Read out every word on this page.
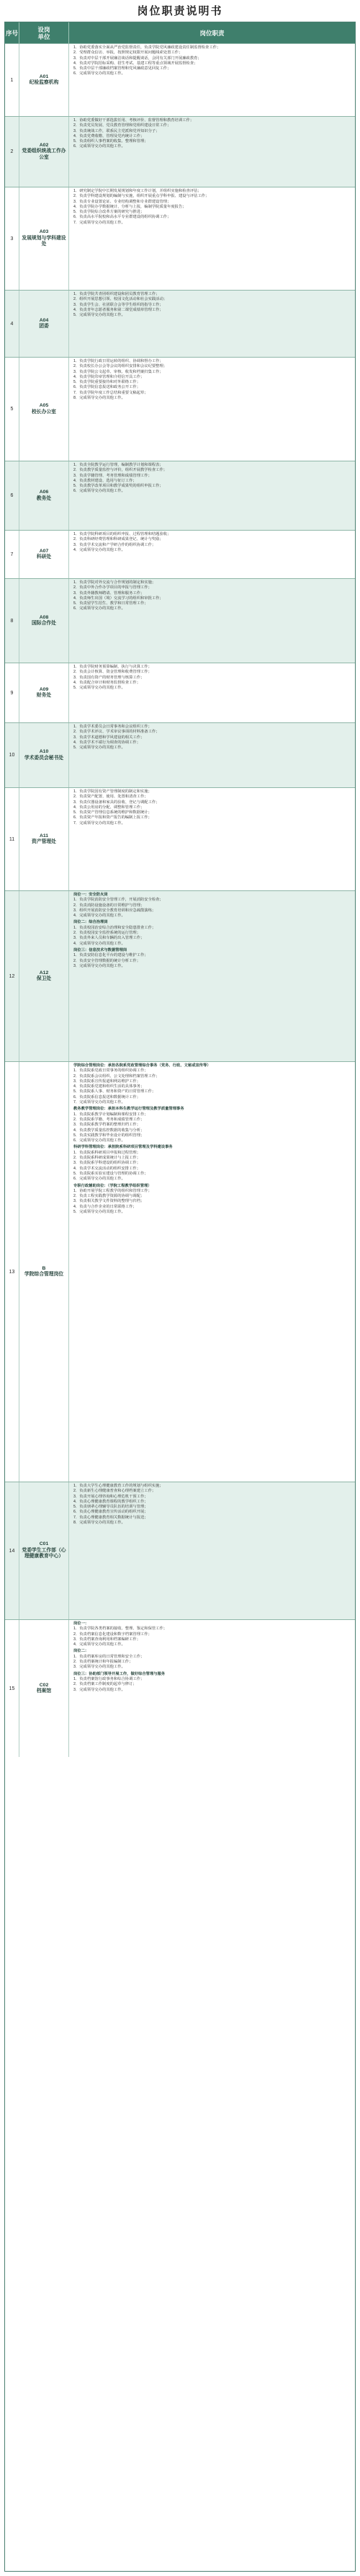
岗位职责说明书
序号	设岗
单位	岗位职责
1
A01
纪检监察机构
1．协助党委落实全面从严治党监督责任，负责学院党风廉政建设责任制监督检查工作；
2．受理群众信访、举报，按照规定权限开展问题线索处置工作；
3．负责对中层干部开展廉洁谈话和提醒谈话，会同有关部门开展廉政教育；
4．负责对学院招标采购、招生考试、基建工程等重点领域开展监督检查；
5．负责中层干部廉政档案管理和党风廉政意见回复工作；
6．完成领导交办的其他工作。
2
A02
党委组织统战工作办公室
1．协助党委做好干部选拔任用、考核评价、监督管理和教育培训工作；
2．负责党员发展、党员教育管理和党组织建设日常工作；
3．负责统战工作，联系民主党派和党外知识分子；
4．负责党费收缴、管理及党内统计工作；
5．负责组织人事档案的收集、整理和管理；
6．完成领导交办的其他工作。
3
A03
发展规划与学科建设处
1．研究制定学院中长期发展规划和年度工作计划，并组织实施和检查评估；
2．负责学科建设规划的编制与实施，组织开展重点学科申报、建设与评估工作；
3．负责专业设置论证、专业结构调整和专业群建设管理；
4．负责学院办学数据统计、分析与上报，编制学院质量年度报告；
5．负责学院综合改革方案的研究与推进；
6．负责高水平院校和高水平专业群建设的组织协调工作；
7．完成领导交办的其他工作。
4
A04
团委
1．负责学院共青团组织建设和团员教育管理工作；
2．组织开展思想引领、校园文化活动和社会实践活动；
3．负责学生会、社团联合会等学生组织的指导工作；
4．负责青年志愿者服务和第二课堂成绩单管理工作；
5．完成领导交办的其他工作。
5
A05
校长办公室
1．负责学院行政日常运转的组织、协调和督办工作；
2．负责校长办公会等会议的组织安排和会议纪要整理；
3．负责学院公文起草、审核、收发和档案归集工作；
4．负责学院印章管理和介绍信开具工作；
5．负责学院重要接待和对外联络工作；
6．负责学院信息报送和政务公开工作；
7．负责学院年度工作总结和重要文稿起草；
8．完成领导交办的其他工作。
6
A06
教务处
1．负责全院教学运行管理，编制教学计划和课程表；
2．负责教学质量监控与评价，组织开展教学检查工作；
3．负责学籍管理、考务管理和成绩管理工作；
4．负责教材建设、选用与征订工作；
5．负责教学改革项目和教学成果奖的组织申报工作；
6．完成领导交办的其他工作。
7
A07
科研处
1．负责学院科研项目的组织申报、过程管理和结题验收；
2．负责科研经费管理和科研成果登记、统计与奖励；
3．负责学术交流和产学研合作的组织协调工作；
4．完成领导交办的其他工作。
8
A08
国际合作处
1．负责学院对外交流与合作规划的制定和实施；
2．负责中外合作办学项目的申报与管理工作；
3．负责外籍教师聘请、管理和服务工作；
4．负责师生出国（境）交流学习的组织和审批工作；
5．负责留学生招生、教学和日常管理工作；
6．完成领导交办的其他工作。
9
A09
财务处
1．负责学院财务预算编制、执行与决算工作；
2．负责会计核算、资金管理和收费管理工作；
3．负责国有资产的财务管理与核算工作；
4．负责配合审计和财务监督检查工作；
5．完成领导交办的其他工作。
10
A10
学术委员会秘书处
1．负责学术委员会日常事务和会议组织工作；
2．负责学术评议、学术审议事项的材料准备工作；
3．负责学术道德和学风建设的相关工作；
4．负责学术不端行为调查的协调工作；
5．完成领导交办的其他工作。
11
A11
资产管理处
1．负责学院国有资产管理制度的制定和实施；
2．负责资产配置、使用、处置和清查工作；
3．负责仪器设备和家具的验收、登记与调配工作；
4．负责公用房的分配、调整和管理工作；
5．负责资产管理信息系统的维护和数据统计；
6．负责资产年报和资产报告的编制上报工作；
7．完成领导交办的其他工作。
12
A12
保卫处
岗位一：安全防火岗
1．负责学院消防安全管理工作，开展消防安全检查；
2．负责消防设施设备的日常维护与管理；
3．组织开展消防安全教育培训和应急疏散演练；
4．完成领导交办的其他工作。
岗位二：综合治理岗
1．负责校园治安综合治理和安全隐患排查工作；
2．负责校园安全监控系统的运行管理；
3．负责外来人员和车辆的出入管理工作；
4．完成领导交办的其他工作。
岗位三：信息技术与数据管理岗
1．负责安防信息化平台的建设与维护工作；
2．负责安全管理数据的统计分析工作；
3．完成领导交办的其他工作。
13
B
学院综合管理岗位
学院综合管理岗位：承担各院系党政管理综合事务（党务、行政、文秘或宣传等）
1．负责院系党政日常事务的组织协调工作；
2．负责院系会议组织、公文处理和档案管理工作；
3．负责院系宣传报道和网站维护工作；
4．负责院系党建和组织生活的具体事务；
5．负责院系人事、财务和资产的日常管理工作；
6．负责院系信息报送和数据统计工作；
7．完成领导交办的其他工作。
教务教学管理岗位：承担本科生教学运行管理及教学质量管理事务
1．负责院系教学计划编制和课程安排工作；
2．负责院系学籍、考务和成绩管理工作；
3．负责院系教学档案的整理归档工作；
4．负责教学质量监控数据的收集与分析；
5．负责实践教学和毕业设计的组织管理；
6．完成领导交办的其他工作。
科研学科管理岗位：承担院系科研项目管理及学科建设事务
1．负责院系科研项目申报和过程管理；
2．负责院系科研成果统计与上报工作；
3．负责院系学科建设的组织协调工作；
4．负责学术交流活动的组织安排工作；
5．负责院系实验室建设与管理的协调工作；
6．完成领导交办的其他工作。
专职行政辅助岗位：（学院工程教学组织管理）
1．协助开展学院工程教学的组织和管理工作；
2．负责工程实践教学资源的协调与调配；
3．负责相关教学文件资料的整理与归档；
4．负责与合作企业的日常联络工作；
5．完成领导交办的其他工作。
14
C01
党委学生工作部（心理健康教育中心）
1．负责大学生心理健康教育工作的规划与组织实施；
2．负责新生心理健康普查和心理档案建立工作；
3．负责开展心理咨询和心理危机干预工作；
4．负责心理健康教育课程的教学组织工作；
5．负责朋辈心理辅导员队伍的培训与管理；
6．负责心理健康教育宣传活动的组织开展；
7．负责心理健康教育相关数据统计与报送；
8．完成领导交办的其他工作。
15
C02
档案馆
岗位一：
1．负责学院各类档案的接收、整理、鉴定和保管工作；
2．负责档案信息化建设和数字档案管理工作；
3．负责档案查询利用和档案编研工作；
4．完成领导交办的其他工作。
岗位二：
1．负责档案库房的日常管理和安全工作；
2．负责档案统计和年报编制工作；
3．完成领导交办的其他工作。
岗位三：协助部门领导开展工作，做好综合管理与服务
1．负责档案馆行政事务和综合协调工作；
2．负责档案工作制度的起草与修订；
3．完成领导交办的其他工作。
